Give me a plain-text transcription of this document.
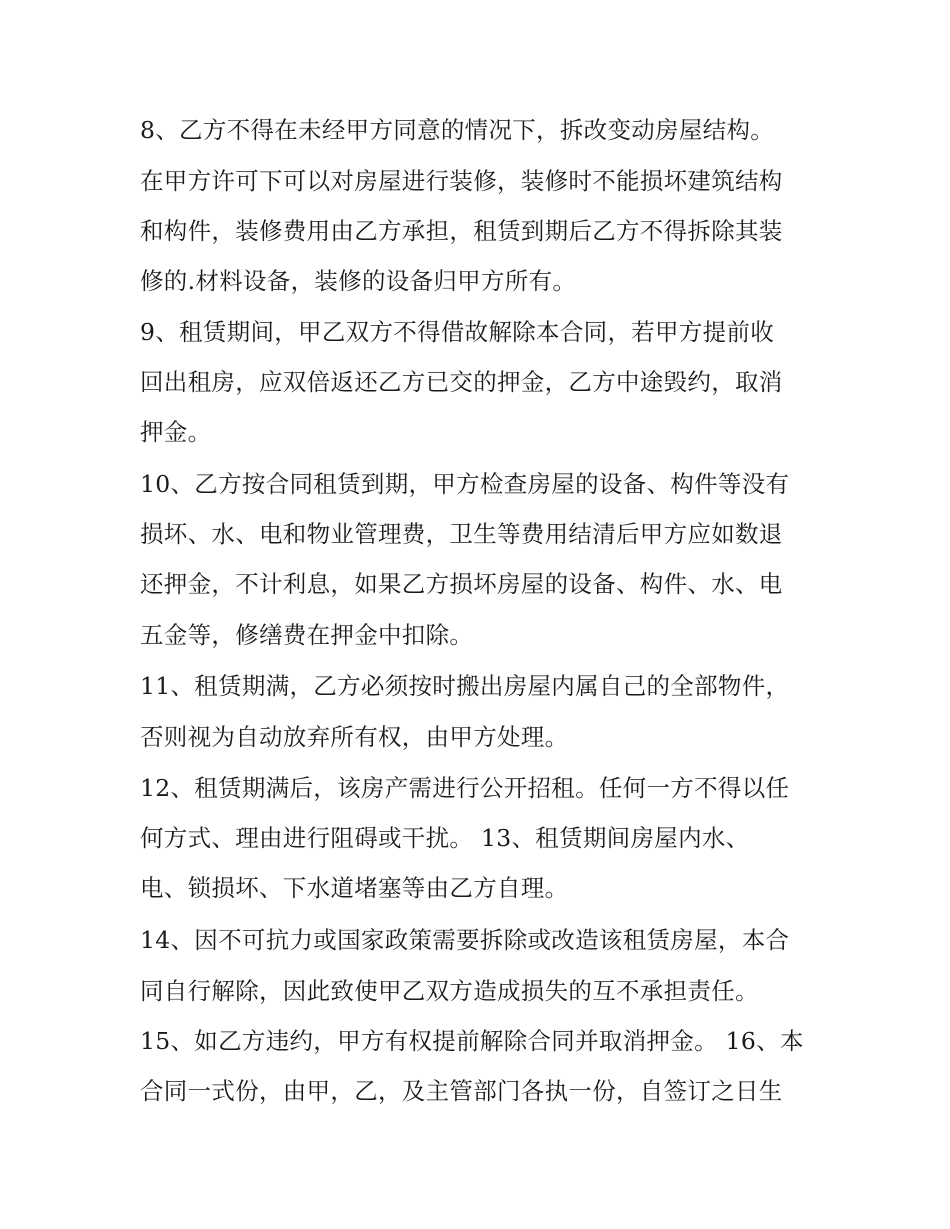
8、乙方不得在未经甲方同意的情况下，拆改变动房屋结构。
在甲方许可下可以对房屋进行装修，装修时不能损坏建筑结构
和构件，装修费用由乙方承担，租赁到期后乙方不得拆除其装
修的.材料设备，装修的设备归甲方所有。
9、租赁期间，甲乙双方不得借故解除本合同，若甲方提前收
回出租房，应双倍返还乙方已交的押金，乙方中途毁约，取消
押金。
10、乙方按合同租赁到期，甲方检查房屋的设备、构件等没有
损坏、水、电和物业管理费，卫生等费用结清后甲方应如数退
还押金，不计利息，如果乙方损坏房屋的设备、构件、水、电
五金等，修缮费在押金中扣除。
11、租赁期满，乙方必须按时搬出房屋内属自己的全部物件，
否则视为自动放弃所有权，由甲方处理。
12、租赁期满后，该房产需进行公开招租。任何一方不得以任
何方式、理由进行阻碍或干扰。 13、租赁期间房屋内水、
电、锁损坏、下水道堵塞等由乙方自理。
14、因不可抗力或国家政策需要拆除或改造该租赁房屋，本合
同自行解除，因此致使甲乙双方造成损失的互不承担责任。
15、如乙方违约，甲方有权提前解除合同并取消押金。 16、本
合同一式份，由甲，乙，及主管部门各执一份，自签订之日生
